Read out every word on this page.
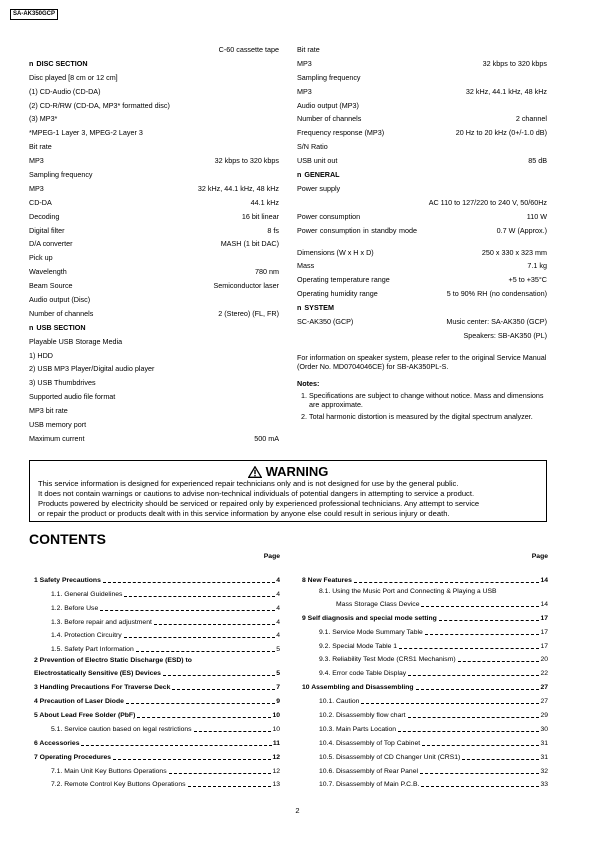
SA-AK350GCP
C-60 cassette tape
n DISC SECTION
Disc played [8 cm or 12 cm]
(1) CD-Audio (CD-DA)
(2) CD-R/RW (CD-DA, MP3* formatted disc)
(3) MP3*
*MPEG-1 Layer 3, MPEG-2 Layer 3
Bit rate
MP3	32 kbps to 320 kbps
Sampling frequency
MP3	32 kHz, 44.1 kHz, 48 kHz
CD-DA	44.1 kHz
Decoding	16 bit linear
Digital filter	8 fs
D/A converter	MASH (1 bit DAC)
Pick up
Wavelength	780 nm
Beam Source	Semiconductor laser
Audio output (Disc)
Number of channels	2 (Stereo) (FL, FR)
n USB SECTION
Playable USB Storage Media
1) HDD
2) USB MP3 Player/Digital audio player
3) USB Thumbdrives
Supported audio file format
MP3 bit rate
USB memory port
Maximum current	500 mA
Bit rate
MP3	32 kbps to 320 kbps
Sampling frequency
MP3	32 kHz, 44.1 kHz, 48 kHz
Audio output (MP3)
Number of channels	2 channel
Frequency response (MP3)	20 Hz to 20 kHz (0+/-1.0 dB)
S/N Ratio
USB unit out	85 dB
n GENERAL
Power supply
AC 110 to 127/220 to 240 V, 50/60Hz
Power consumption	110 W
Power consumption in standby mode	0.7 W (Approx.)
Dimensions (W x H x D)	250 x 330 x 323 mm
Mass	7.1 kg
Operating temperature range	+5 to +35°C
Operating humidity range	5 to 90% RH (no condensation)
n SYSTEM
SC-AK350 (GCP)	Music center: SA-AK350 (GCP)
Speakers: SB-AK350 (PL)
For information on speaker system, please refer to the original Service Manual (Order No. MD0704046CE) for SB-AK350PL-S.
Notes:
1. Specifications are subject to change without notice. Mass and dimensions are approximate.
2. Total harmonic distortion is measured by the digital spectrum analyzer.
WARNING
This service information is designed for experienced repair technicians only and is not designed for use by the general public.
It does not contain warnings or cautions to advise non-technical individuals of potential dangers in attempting to service a product.
Products powered by electricity should be serviced or repaired only by experienced professional technicians. Any attempt to service
or repair the product or products dealt with in this service information by anyone else could result in serious injury or death.
CONTENTS
Page
1 Safety Precautions	4
1.1. General Guidelines	4
1.2. Before Use	4
1.3. Before repair and adjustment	4
1.4. Protection Circuitry	4
1.5. Safety Part Information	5
2 Prevention of Electro Static Discharge (ESD) to
Electrostatically Sensitive (ES) Devices	5
3 Handling Precautions For Traverse Deck	7
4 Precaution of Laser Diode	9
5 About Lead Free Solder (PbF)	10
5.1. Service caution based on legal restrictions	10
6 Accessories	11
7 Operating Procedures	12
7.1. Main Unit Key Buttons Operations	12
7.2. Remote Control Key Buttons Operations	13
Page
8 New Features	14
8.1. Using the Music Port and Connecting & Playing a USB
Mass Storage Class Device	14
9 Self diagnosis and special mode setting	17
9.1. Service Mode Summary Table	17
9.2. Special Mode Table 1	17
9.3. Reliability Test Mode (CRS1 Mechanism)	20
9.4. Error code Table Display	22
10 Assembling and Disassembling	27
10.1. Caution	27
10.2. Disassembly flow chart	29
10.3. Main Parts Location	30
10.4. Disassembly of Top Cabinet	31
10.5. Disassembly of CD Changer Unit (CRS1)	31
10.6. Disassembly of Rear Panel	32
10.7. Disassembly of Main P.C.B.	33
2
